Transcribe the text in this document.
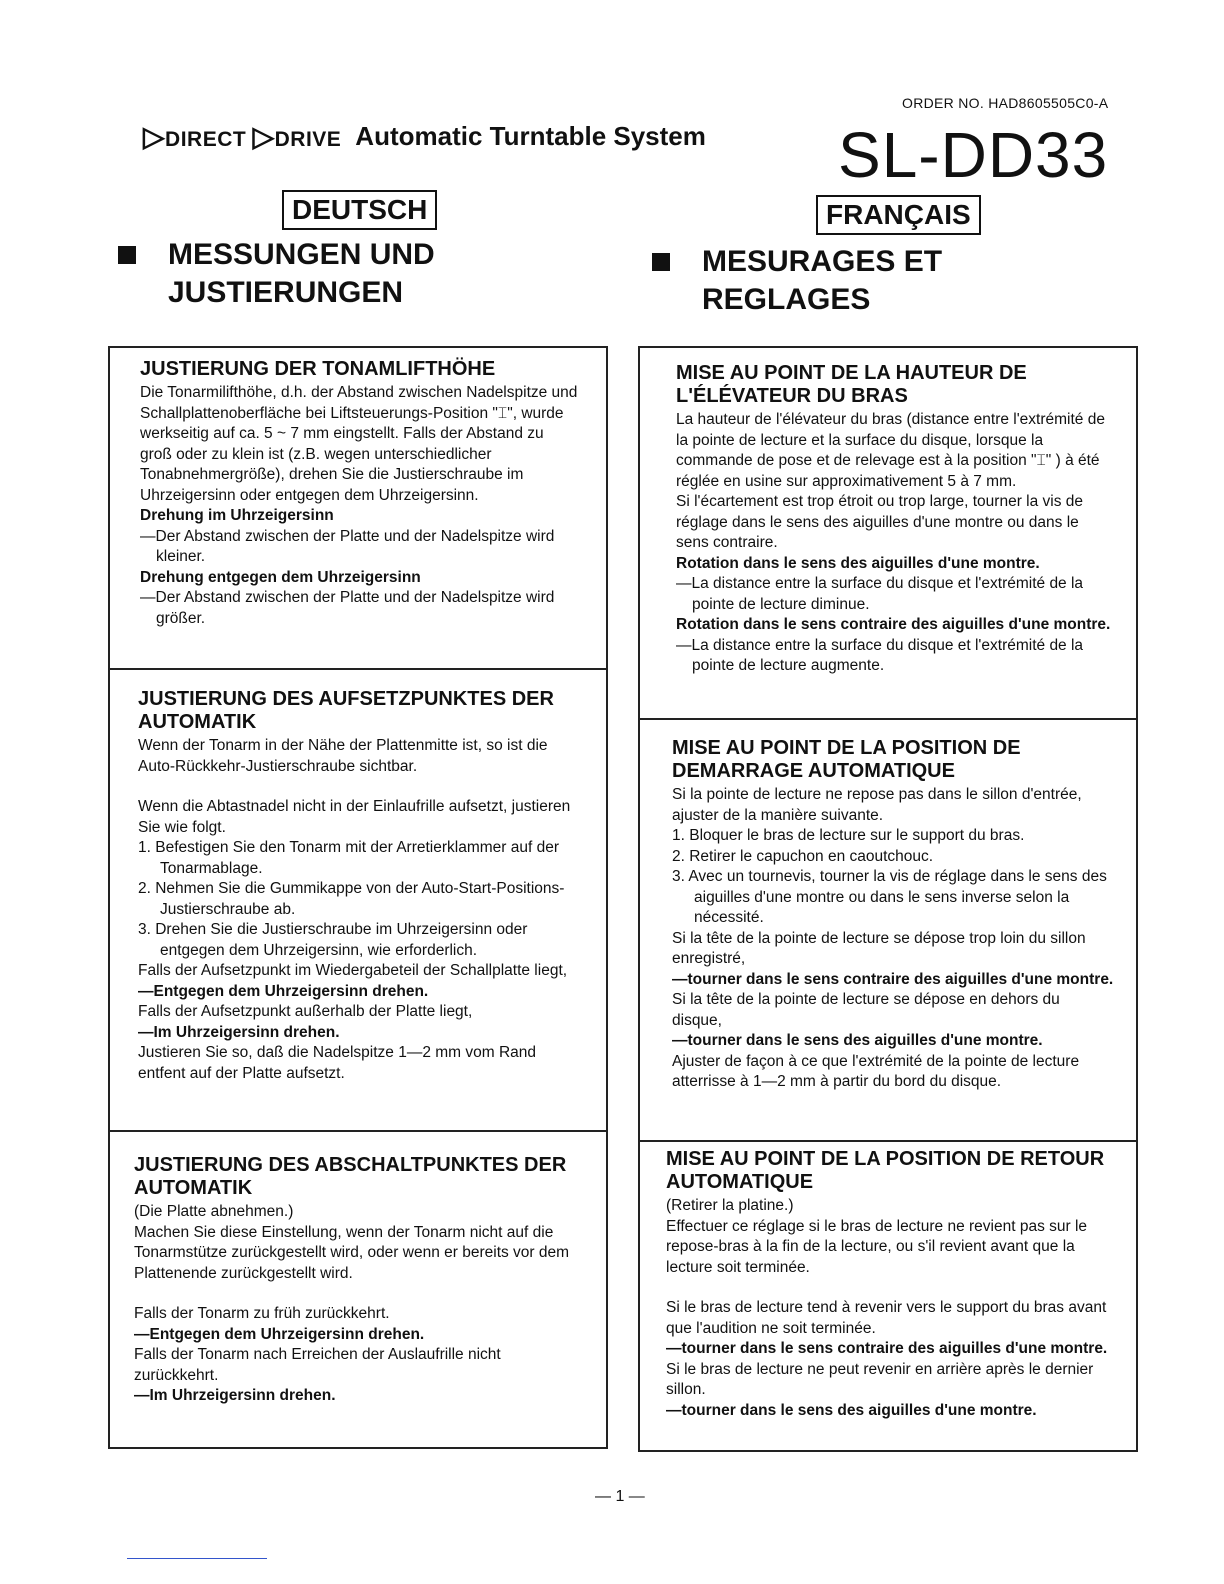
ORDER NO. HAD8605505C0-A
▷DIRECT ▷DRIVE Automatic Turntable System SL-DD33
DEUTSCH	FRANÇAIS
MESSUNGEN UND
JUSTIERUNGEN
MESURAGES ET
REGLAGES
JUSTIERUNG DER TONAMLIFTHÖHE

Die Tonarmilifthöhe, d.h. der Abstand zwischen Nadelspitze und Schallplattenoberfläche bei Liftsteuerungs-Position "⌶", wurde werkseitig auf ca. 5 ~ 7 mm eingstellt. Falls der Abstand zu groß oder zu klein ist (z.B. wegen unterschiedlicher Tonabnehmergröße), drehen Sie die Justierschraube im Uhrzeigersinn oder entgegen dem Uhrzeigersinn.

Drehung im Uhrzeigersinn

—Der Abstand zwischen der Platte und der Nadelspitze wird kleiner.

Drehung entgegen dem Uhrzeigersinn

—Der Abstand zwischen der Platte und der Nadelspitze wird größer.

JUSTIERUNG DES AUFSETZPUNKTES DER AUTOMATIK

Wenn der Tonarm in der Nähe der Plattenmitte ist, so ist die Auto-Rückkehr-Justierschraube sichtbar.

Wenn die Abtastnadel nicht in der Einlaufrille aufsetzt, justieren Sie wie folgt.

1. Befestigen Sie den Tonarm mit der Arretierklammer auf der Tonarmablage.

2. Nehmen Sie die Gummikappe von der Auto-Start-Positions-Justierschraube ab.

3. Drehen Sie die Justierschraube im Uhrzeigersinn oder entgegen dem Uhrzeigersinn, wie erforderlich.

Falls der Aufsetzpunkt im Wiedergabeteil der Schallplatte liegt,

—Entgegen dem Uhrzeigersinn drehen.

Falls der Aufsetzpunkt außerhalb der Platte liegt,

—Im Uhrzeigersinn drehen.

Justieren Sie so, daß die Nadelspitze 1—2 mm vom Rand entfent auf der Platte aufsetzt.

JUSTIERUNG DES ABSCHALTPUNKTES DER AUTOMATIK

(Die Platte abnehmen.)

Machen Sie diese Einstellung, wenn der Tonarm nicht auf die Tonarmstütze zurückgestellt wird, oder wenn er bereits vor dem Plattenende zurückgestellt wird.

Falls der Tonarm zu früh zurückkehrt.

—Entgegen dem Uhrzeigersinn drehen.

Falls der Tonarm nach Erreichen der Auslaufrille nicht zurückkehrt.

—Im Uhrzeigersinn drehen.

MISE AU POINT DE LA HAUTEUR DE L'ÉLÉVATEUR DU BRAS

La hauteur de l'élévateur du bras (distance entre l'extrémité de la pointe de lecture et la surface du disque, lorsque la commande de pose et de relevage est à la position "⌶" ) à été réglée en usine sur approximativement 5 à 7 mm.

Si l'écartement est trop étroit ou trop large, tourner la vis de réglage dans le sens des aiguilles d'une montre ou dans le sens contraire.

Rotation dans le sens des aiguilles d'une montre.

—La distance entre la surface du disque et l'extrémité de la pointe de lecture diminue.

Rotation dans le sens contraire des aiguilles d'une montre.

—La distance entre la surface du disque et l'extrémité de la pointe de lecture augmente.

MISE AU POINT DE LA POSITION DE DEMARRAGE AUTOMATIQUE

Si la pointe de lecture ne repose pas dans le sillon d'entrée, ajuster de la manière suivante.

1. Bloquer le bras de lecture sur le support du bras.

2. Retirer le capuchon en caoutchouc.

3. Avec un tournevis, tourner la vis de réglage dans le sens des aiguilles d'une montre ou dans le sens inverse selon la nécessité.

Si la tête de la pointe de lecture se dépose trop loin du sillon enregistré,

—tourner dans le sens contraire des aiguilles d'une montre.

Si la tête de la pointe de lecture se dépose en dehors du disque,

—tourner dans le sens des aiguilles d'une montre.

Ajuster de façon à ce que l'extrémité de la pointe de lecture atterrisse à 1—2 mm à partir du bord du disque.

MISE AU POINT DE LA POSITION DE RETOUR AUTOMATIQUE

(Retirer la platine.)

Effectuer ce réglage si le bras de lecture ne revient pas sur le repose-bras à la fin de la lecture, ou s'il revient avant que la lecture soit terminée.

Si le bras de lecture tend à revenir vers le support du bras avant que l'audition ne soit terminée.

—tourner dans le sens contraire des aiguilles d'une montre.

Si le bras de lecture ne peut revenir en arrière après le dernier sillon.

—tourner dans le sens des aiguilles d'une montre.

— 1 —
